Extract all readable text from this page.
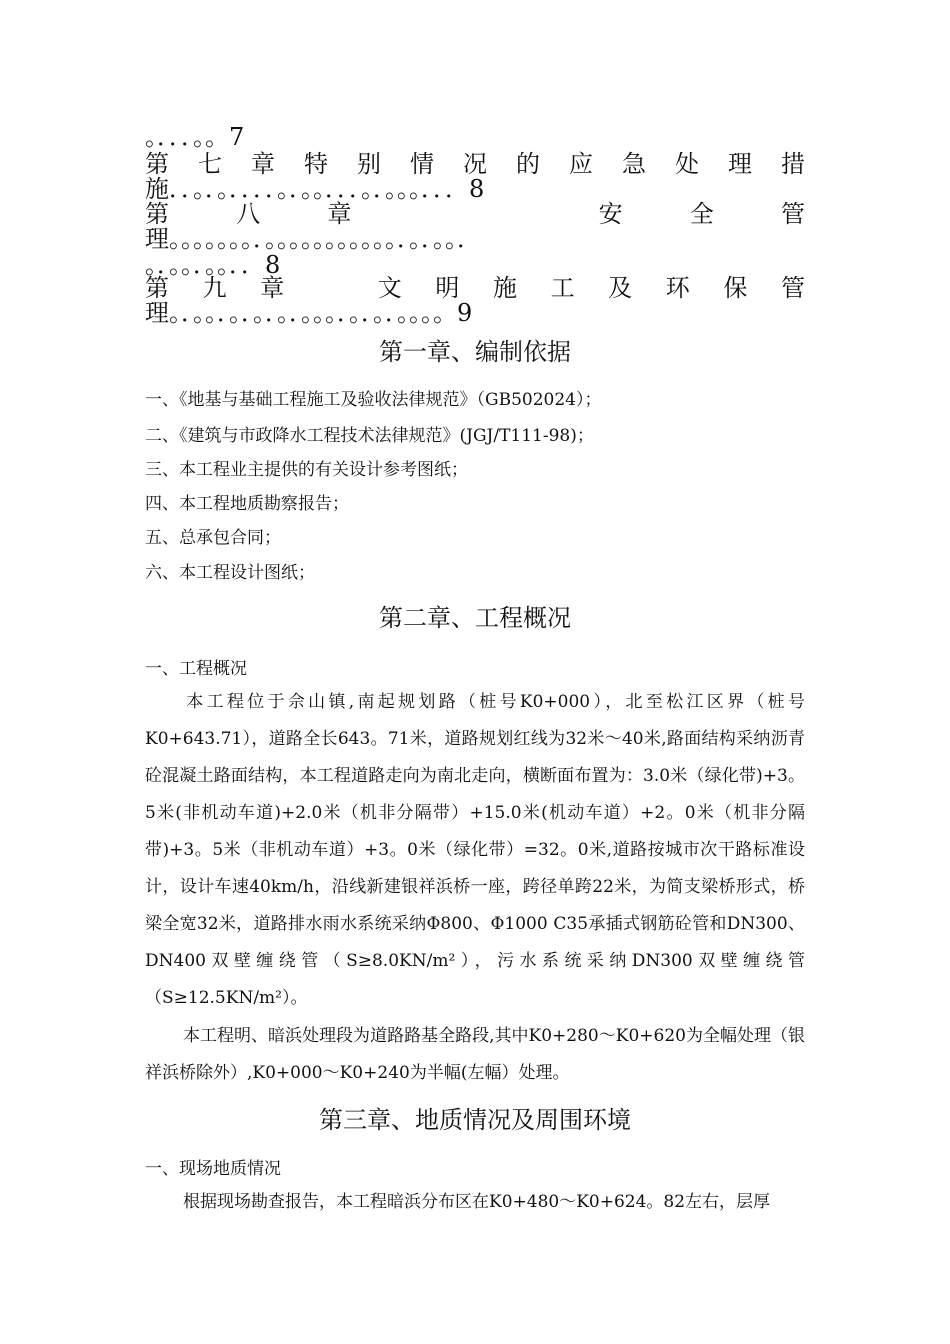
。．．．。。7
第 七 章 特 别 情 况 的 应 急 处 理 措
施．．。．。．．．．。．。。．．．。．。。。．．．8
第	八	章	安	全	管
理。。。。。。。．。。。。。。。。。。。．。．。。．
。．。。．。。．．8
第 九 章	文 明 施 工 及 环 保 管
理。．。。．。．。．。．。。。．。．。．。。。。9
第一章、编制依据
一、《地基与基础工程施工及验收法律规范》（GB502024）；
二、《建筑与市政降水工程技术法律规范》(JGJ/T111-98)；
三、本工程业主提供的有关设计参考图纸；
四、本工程地质勘察报告；
五、总承包合同；
六、本工程设计图纸；
第二章、工程概况
一、工程概况
本工程位于佘山镇,南起规划路（桩号K0+000），北至松江区界（桩号K0+643.71），道路全长643。71米，道路规划红线为32米～40米,路面结构采纳沥青砼混凝土路面结构，本工程道路走向为南北走向，横断面布置为：3.0米（绿化带)+3。5米(非机动车道)+2.0米（机非分隔带）+15.0米(机动车道）+2。0米（机非分隔带)+3。5米（非机动车道）+3。0米（绿化带）=32。0米,道路按城市次干路标准设计，设计车速40km/h，沿线新建银祥浜桥一座，跨径单跨22米，为简支梁桥形式，桥梁全宽32米，道路排水雨水系统采纳Φ800、Φ1000 C35承插式钢筋砼管和DN300、DN400双壁缠绕管（S≥8.0KN/m²），污水系统采纳DN300双壁缠绕管（S≥12.5KN/m²）。
本工程明、暗浜处理段为道路路基全路段,其中K0+280～K0+620为全幅处理（银祥浜桥除外）,K0+000～K0+240为半幅(左幅）处理。
第三章、地质情况及周围环境
一、现场地质情况
根据现场勘查报告，本工程暗浜分布区在K0+480～K0+624。82左右，层厚
